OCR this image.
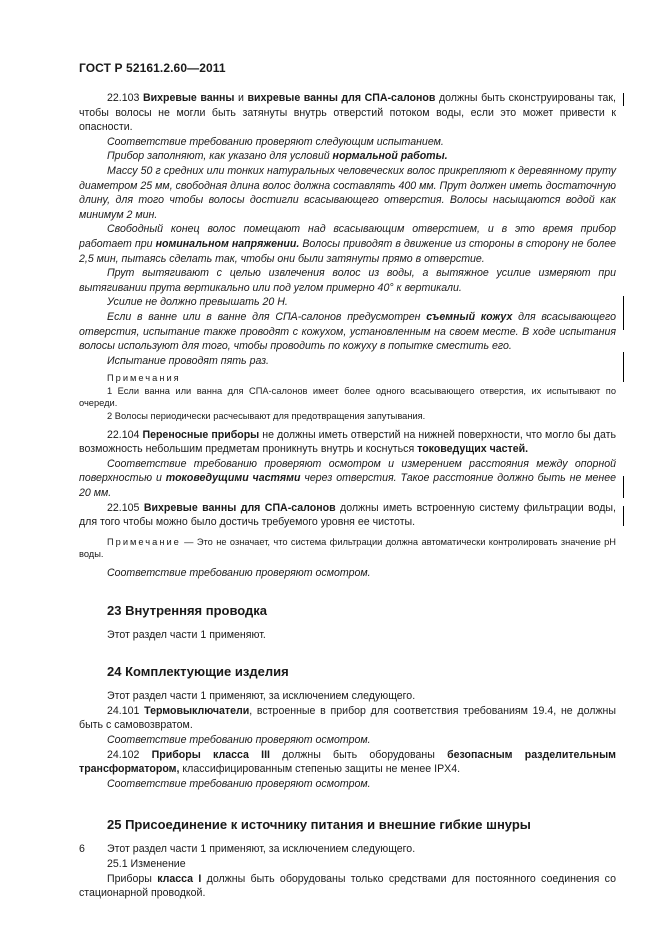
ГОСТ Р 52161.2.60—2011

22.103 Вихревые ванны и вихревые ванны для СПА-салонов должны быть сконструированы так, чтобы волосы не могли быть затянуты внутрь отверстий потоком воды, если это может привести к опасности.

Соответствие требованию проверяют следующим испытанием.

Прибор заполняют, как указано для условий нормальной работы.

Массу 50 г средних или тонких натуральных человеческих волос прикрепляют к деревянному пруту диаметром 25 мм, свободная длина волос должна составлять 400 мм. Прут должен иметь достаточную длину, для того чтобы волосы достигли всасывающего отверстия. Волосы насыщаются водой как минимум 2 мин.

Свободный конец волос помещают над всасывающим отверстием, и в это время прибор работает при номинальном напряжении. Волосы приводят в движение из стороны в сторону не более 2,5 мин, пытаясь сделать так, чтобы они были затянуты прямо в отверстие.

Прут вытягивают с целью извлечения волос из воды, а вытяжное усилие измеряют при вытягивании прута вертикально или под углом примерно 40° к вертикали.

Усилие не должно превышать 20 Н.

Если в ванне или в ванне для СПА-салонов предусмотрен съемный кожух для всасывающего отверстия, испытание также проводят с кожухом, установленным на своем месте. В ходе испытания волосы используют для того, чтобы проводить по кожуху в попытке сместить его.

Испытание проводят пять раз.

Примечания

1 Если ванна или ванна для СПА-салонов имеет более одного всасывающего отверстия, их испытывают по очереди.

2 Волосы периодически расчесывают для предотвращения запутывания.

22.104 Переносные приборы не должны иметь отверстий на нижней поверхности, что могло бы дать возможность небольшим предметам проникнуть внутрь и коснуться токоведущих частей.

Соответствие требованию проверяют осмотром и измерением расстояния между опорной поверхностью и токоведущими частями через отверстия. Такое расстояние должно быть не менее 20 мм.

22.105 Вихревые ванны для СПА-салонов должны иметь встроенную систему фильтрации воды, для того чтобы можно было достичь требуемого уровня ее чистоты.

Примечание — Это не означает, что система фильтрации должна автоматически контролировать значение рН воды.

Соответствие требованию проверяют осмотром.

23 Внутренняя проводка

Этот раздел части 1 применяют.

24 Комплектующие изделия

Этот раздел части 1 применяют, за исключением следующего.

24.101 Термовыключатели, встроенные в прибор для соответствия требованиям 19.4, не должны быть с самовозвратом.

Соответствие требованию проверяют осмотром.

24.102 Приборы класса III должны быть оборудованы безопасным разделительным трансформатором, классифицированным степенью защиты не менее IPX4.

Соответствие требованию проверяют осмотром.

25 Присоединение к источнику питания и внешние гибкие шнуры

Этот раздел части 1 применяют, за исключением следующего.

25.1 Изменение

Приборы класса I должны быть оборудованы только средствами для постоянного соединения со стационарной проводкой.

6
